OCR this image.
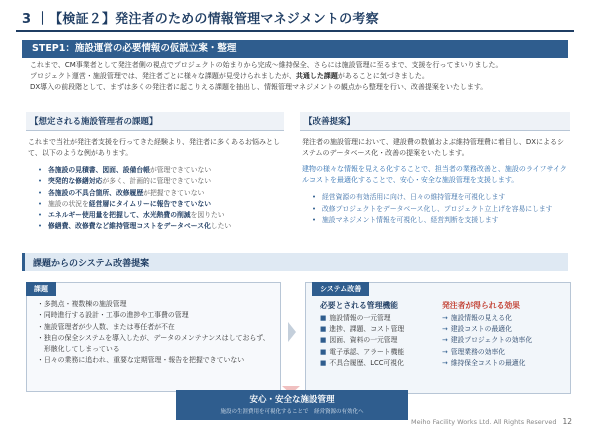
3 ｜【検証２】発注者のための情報管理マネジメントの考察
STEP1：施設運営の必要情報の仮説立案・整理
これまで、CM事業者として発注者側の視点でプロジェクトの始まりから完成～維持保全、さらには施設管理に至るまで、支援を行ってまいりました。
プロジェクト運営・施設管理では、発注者ごとに様々な課題が見受けられましたが、共通した課題があることに気づきました。
DX導入の前段階として、まずは多くの発注者に起こりえる課題を抽出し、情報管理マネジメントの観点から整理を行い、改善提案をいたします。
【想定される施設管理者の課題】
これまで当社が発注者支援を行ってきた経験より、発注者に多くあるお悩みとして、以下のような例があります。
• 各施設の見積書、図面、設備台帳が管理できていない
• 突発的な修繕対応が多く、計画的に管理できていない
• 各施設の不具合箇所、改修履歴が把握できていない
• 施設の状況を経営層にタイムリーに報告できていない
• エネルギー使用量を把握して、水光熱費の削減を図りたい
• 修繕費、改修費など維持管理コストをデータベース化したい
【改善提案】
発注者の施設管理において、建設費の数値およぶ維持管理費に着目し、DXによるシステムのデータベース化・改善の提案をいたします。
建物の様々な情報を見える化することで、担当者の業務改善と、施設のライフサイクルコストを最適化することで、安心・安全な施設管理を支援します。
• 経営資源の有効活用に向け、日々の維持管理を可視化します
• 改修プロジェクトをデータベース化し、プロジェクト立上げを容易にします
• 施設マネジメント情報を可視化し、経営判断を支援します
課題からのシステム改善提案
課題
・多拠点・複数棟の施設管理
・同時進行する設計・工事の進捗や工事費の管理
・施設管理者が少人数、または専任者が不在
・独自の保全システムを導入したが、データのメンテナンスはしておらず、
　形骸化してしまっている
・日々の業務に追われ、重要な定期管理・報告を把握できていない
システム改善
必要とされる管理機能	発注者が得られる効果
■ 施設情報の一元管理
■ 進捗、課題、コスト管理
■ 図面、資料の一元管理
■ 電子承認、アラート機能
■ 不具合履歴、LCC可視化
→ 施設情報の見える化
→ 建設コストの最適化
→ 建設プロジェクトの効率化
→ 管理業務の効率化
→ 維持保全コストの最適化
安心・安全な施設管理
施設の生涯費用を可視化することで　経営資源の有効化へ
Meiho Facility Works Ltd. All Rights Reserved 12
